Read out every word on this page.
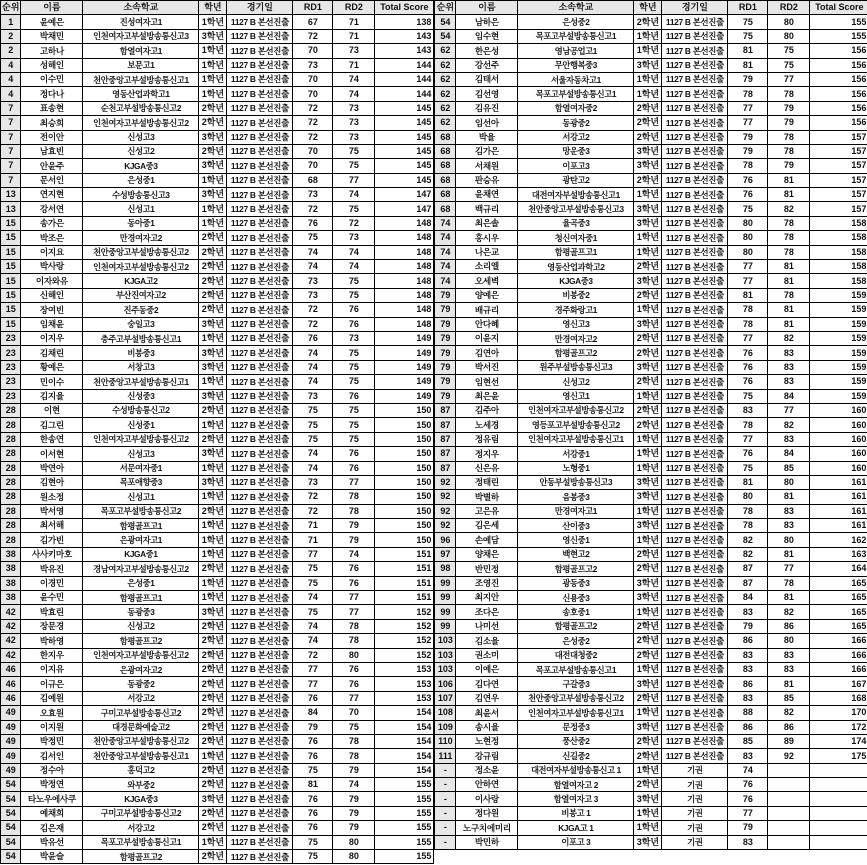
순위	이름	소속학교	학년	경기일	RD1	RD2	Total Score
1	윤예은	진성여자고1	1학년	1127 B 본선진출	67	71	138
2	박채민	인천여자고부설방송통신고3	3학년	1127 B 본선진출	72	71	143
2	고하나	함열여자고1	1학년	1127 B 본선진출	70	73	143
4	성해인	보문고1	1학년	1127 B 본선진출	73	71	144
4	이수민	천안중앙고부설방송통신고1	1학년	1127 B 본선진출	70	74	144
4	정다나	영동산업과학고1	1학년	1127 B 본선진출	70	74	144
7	표송현	순천고부설방송통신고2	2학년	1127 B 본선진출	72	73	145
7	최승희	인천여자고부설방송통신고2	2학년	1127 B 본선진출	72	73	145
7	전이안	신성고3	3학년	1127 B 본선진출	72	73	145
7	남효빈	신성고2	2학년	1127 B 본선진출	70	75	145
7	안윤주	KJGA중3	3학년	1127 B 본선진출	70	75	145
7	문서인	은성중1	1학년	1127 B 본선진출	68	77	145
13	연지현	수성방송통신고3	3학년	1127 B 본선진출	73	74	147
13	강서연	신성고1	1학년	1127 B 본선진출	72	75	147
15	송가은	동아중1	1학년	1127 B 본선진출	76	72	148
15	박조은	만경여자고2	2학년	1127 B 본선진출	75	73	148
15	이지요	천안중앙고부설방송통신고2	2학년	1127 B 본선진출	74	74	148
15	박사랑	인천여자고부설방송통신고2	2학년	1127 B 본선진출	74	74	148
15	이자와유	KJGA고2	2학년	1127 B 본선진출	73	75	148
15	신해인	부산진여자고2	2학년	1127 B 본선진출	73	75	148
15	장여빈	진주동중2	2학년	1127 B 본선진출	72	76	148
15	임채윤	숭일고3	3학년	1127 B 본선진출	72	76	148
23	이지우	충주고부설방송통신고1	1학년	1127 B 본선진출	76	73	149
23	김채린	비봉중3	3학년	1127 B 본선진출	74	75	149
23	황예은	서창고3	3학년	1127 B 본선진출	74	75	149
23	민이수	천안중앙고부설방송통신고1	1학년	1127 B 본선진출	74	75	149
23	김지율	신성중3	3학년	1127 B 본선진출	73	76	149
28	이현	수성방송통신고2	2학년	1127 B 본선진출	75	75	150
28	김그린	신성중1	1학년	1127 B 본선진출	75	75	150
28	한송연	인천여자고부설방송통신고2	2학년	1127 B 본선진출	75	75	150
28	이서현	신성고3	3학년	1127 B 본선진출	74	76	150
28	박연아	서문여자중1	1학년	1127 B 본선진출	74	76	150
28	김현아	목포애향중3	3학년	1127 B 본선진출	73	77	150
28	원소정	신성고1	1학년	1127 B 본선진출	72	78	150
28	박서영	목포고부설방송통신고2	2학년	1127 B 본선진출	72	78	150
28	최서해	함평골프고1	1학년	1127 B 본선진출	71	79	150
28	김가빈	은광여자고1	1학년	1127 B 본선진출	71	79	150
38	사사키마호	KJGA중1	1학년	1127 B 본선진출	77	74	151
38	박유진	경남여자고부설방송통신고2	2학년	1127 B 본선진출	75	76	151
38	이경민	은성중1	1학년	1127 B 본선진출	75	76	151
38	윤수민	함평골프고1	1학년	1127 B 본선진출	74	77	151
42	박효린	동광중3	3학년	1127 B 본선진출	75	77	152
42	장문경	신성고2	2학년	1127 B 본선진출	74	78	152
42	박하영	함평골프고2	2학년	1127 B 본선진출	74	78	152
42	한지우	인천여자고부설방송통신고2	2학년	1127 B 본선진출	72	80	152
46	이지유	은광여자고2	2학년	1127 B 본선진출	77	76	153
46	이규은	동광중2	2학년	1127 B 본선진출	77	76	153
46	김예원	서강고2	2학년	1127 B 본선진출	76	77	153
49	오효원	구미고부설방송통신고2	2학년	1127 B 본선진출	84	70	154
49	이지원	대경문화예술고2	2학년	1127 B 본선진출	79	75	154
49	박정민	천안중앙고부설방송통신고2	2학년	1127 B 본선진출	76	78	154
49	김서인	천안중앙고부설방송통신고1	1학년	1127 B 본선진출	76	78	154
49	정수아	홍덕고2	2학년	1127 B 본선진출	75	79	154
54	박정연	와부중2	2학년	1127 B 본선진출	81	74	155
54	타노우에사쿠	KJGA중3	3학년	1127 B 본선진출	76	79	155
54	예채희	구미고부설방송통신고2	2학년	1127 B 본선진출	76	79	155
54	김은재	서강고2	2학년	1127 B 본선진출	76	79	155
54	박유선	목포고부설방송통신고1	1학년	1127 B 본선진출	75	80	155
54	박윤슬	함평골프고2	2학년	1127 B 본선진출	75	80	155
순위	이름	소속학교	학년	경기일	RD1	RD2	Total Score
54	남하은	은성중2	2학년	1127 B 본선진출	75	80	155
54	임수현	목포고부설방송통신고1	1학년	1127 B 본선진출	75	80	155
62	한은성	영남공업고1	1학년	1127 B 본선진출	81	75	156
62	강선주	무안행복중3	3학년	1127 B 본선진출	81	75	156
62	김태서	서울자동차고1	1학년	1127 B 본선진출	79	77	156
62	김선영	목포고부설방송통신고1	1학년	1127 B 본선진출	78	78	156
62	김유진	함열여자중2	2학년	1127 B 본선진출	77	79	156
62	임선아	동광중2	2학년	1127 B 본선진출	77	79	156
68	박율	서강고2	2학년	1127 B 본선진출	79	78	157
68	김가은	망운중3	3학년	1127 B 본선진출	79	78	157
68	서채원	이포고3	3학년	1127 B 본선진출	78	79	157
68	판승유	광탄고2	2학년	1127 B 본선진출	76	81	157
68	윤채연	대전여자부설방송통신고1	1학년	1127 B 본선진출	76	81	157
68	백규리	천안중앙고부설방송통신고3	3학년	1127 B 본선진출	75	82	157
74	최은솔	율곡중3	3학년	1127 B 본선진출	80	78	158
74	홍시우	청신여자중1	1학년	1127 B 본선진출	80	78	158
74	나은교	함평골프고1	1학년	1127 B 본선진출	80	78	158
74	소리엘	영동산업과학고2	2학년	1127 B 본선진출	77	81	158
74	오세벽	KJGA중3	3학년	1127 B 본선진출	77	81	158
79	양예은	비봉중2	2학년	1127 B 본선진출	81	78	159
79	배규리	경주화랑고1	1학년	1127 B 본선진출	78	81	159
79	안다혜	영신고3	3학년	1127 B 본선진출	78	81	159
79	이윤지	만경여자고2	2학년	1127 B 본선진출	77	82	159
79	김연아	함평골프고2	2학년	1127 B 본선진출	76	83	159
79	박서진	원주부설방송통신고3	3학년	1127 B 본선진출	76	83	159
79	임현선	신성고2	2학년	1127 B 본선진출	76	83	159
79	최은윤	영신고1	1학년	1127 B 본선진출	75	84	159
87	김주아	인천여자고부설방송통신고2	2학년	1127 B 본선진출	83	77	160
87	노세경	영등포고부설방송통신고2	2학년	1127 B 본선진출	78	82	160
87	정유림	인천여자고부설방송통신고1	1학년	1127 B 본선진출	77	83	160
87	정지우	서강중1	1학년	1127 B 본선진출	76	84	160
87	신은유	노형중1	1학년	1127 B 본선진출	75	85	160
92	정태린	안동부설방송통신고3	3학년	1127 B 본선진출	81	80	161
92	박별하	음봉중3	3학년	1127 B 본선진출	80	81	161
92	고은유	만경여자고1	1학년	1127 B 본선진출	78	83	161
92	김은세	산이중3	3학년	1127 B 본선진출	78	83	161
96	손예담	영신중1	1학년	1127 B 본선진출	82	80	162
97	양채은	백현고2	2학년	1127 B 본선진출	82	81	163
98	반민정	함평골프고2	2학년	1127 B 본선진출	87	77	164
99	조영진	광동중3	3학년	1127 B 본선진출	87	78	165
99	최지안	신용중3	3학년	1127 B 본선진출	84	81	165
99	조다은	송호중1	1학년	1127 B 본선진출	83	82	165
99	나미선	함평골프고2	2학년	1127 B 본선진출	79	86	165
103	김소율	은성중2	2학년	1127 B 본선진출	86	80	166
103	권소미	대전대청중2	2학년	1127 B 본선진출	83	83	166
103	이예은	목포고부설방송통신고1	1학년	1127 B 본선진출	83	83	166
106	김다연	구갈중3	3학년	1127 B 본선진출	86	81	167
107	김연우	천안중앙고부설방송통신고2	2학년	1127 B 본선진출	83	85	168
108	최윤서	인천여자고부설방송통신고1	1학년	1127 B 본선진출	88	82	170
109	송시율	문정중3	3학년	1127 B 본선진출	86	86	172
110	노현정	풍산중2	2학년	1127 B 본선진출	85	89	174
111	강규림	신길중2	2학년	1127 B 본선진출	83	92	175
-	정소윤	대전여자부설방송통신고 1	1학년	기권	74		
-	안하연	함열여자고 2	2학년	기권	76		
-	이사랑	함열여자고 3	3학년	기권	76		
-	정다원	비봉고 1	1학년	기권	77		
-	노구치에미리	KJGA고 1	1학년	기권	79		
-	박민하	이포고 3	3학년	기권	83		
